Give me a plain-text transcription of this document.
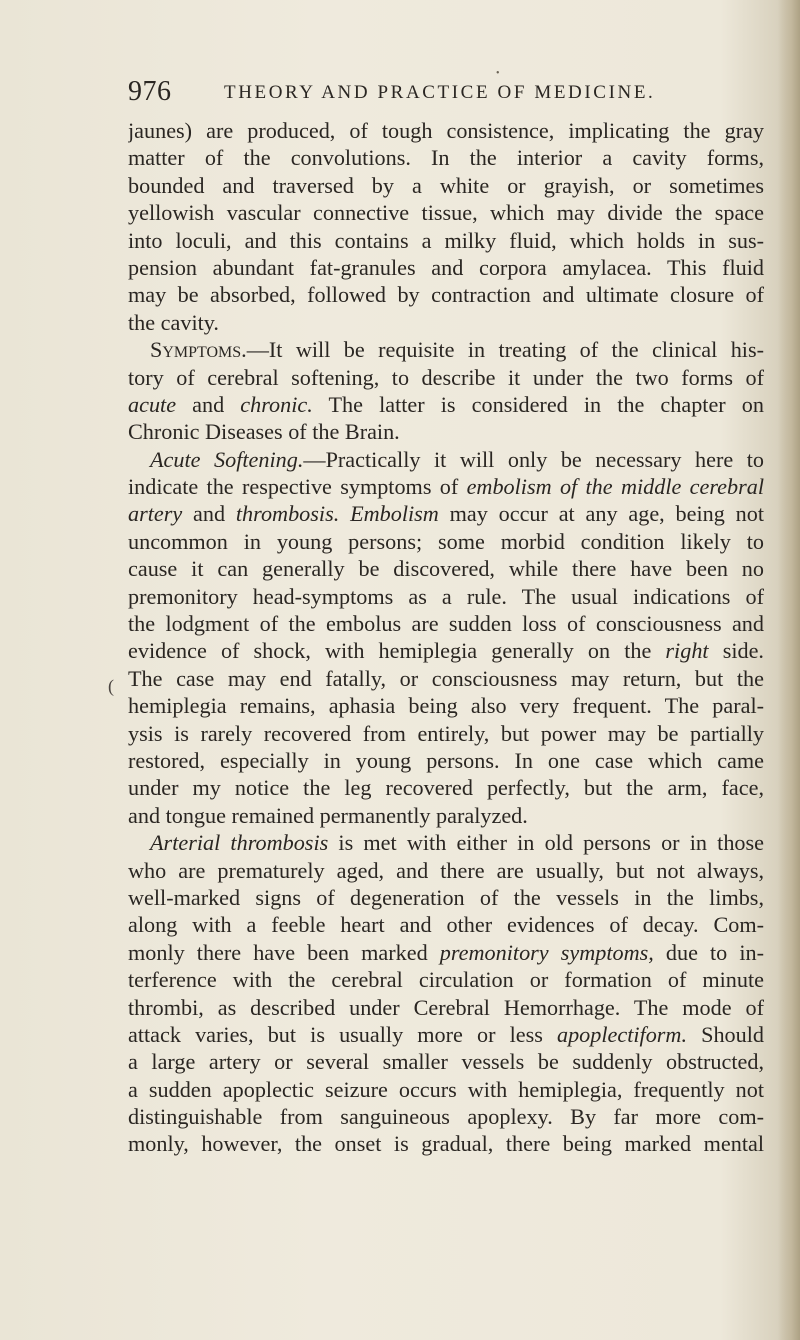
•
976	THEORY AND PRACTICE OF MEDICINE.
(
jaunes) are produced, of tough consistence, implicating the gray
matter of the convolutions. In the interior a cavity forms,
bounded and traversed by a white or grayish, or sometimes
yellowish vascular connective tissue, which may divide the space
into loculi, and this contains a milky fluid, which holds in sus-
pension abundant fat-granules and corpora amylacea. This fluid
may be absorbed, followed by contraction and ultimate closure of
the cavity.
Symptoms.—It will be requisite in treating of the clinical his-
tory of cerebral softening, to describe it under the two forms of
acute and chronic. The latter is considered in the chapter on
Chronic Diseases of the Brain.
Acute Softening.—Practically it will only be necessary here to
indicate the respective symptoms of embolism of the middle cerebral
artery and thrombosis. Embolism may occur at any age, being not
uncommon in young persons; some morbid condition likely to
cause it can generally be discovered, while there have been no
premonitory head-symptoms as a rule. The usual indications of
the lodgment of the embolus are sudden loss of consciousness and
evidence of shock, with hemiplegia generally on the right side.
The case may end fatally, or consciousness may return, but the
hemiplegia remains, aphasia being also very frequent. The paral-
ysis is rarely recovered from entirely, but power may be partially
restored, especially in young persons. In one case which came
under my notice the leg recovered perfectly, but the arm, face,
and tongue remained permanently paralyzed.
Arterial thrombosis is met with either in old persons or in those
who are prematurely aged, and there are usually, but not always,
well-marked signs of degeneration of the vessels in the limbs,
along with a feeble heart and other evidences of decay. Com-
monly there have been marked premonitory symptoms, due to in-
terference with the cerebral circulation or formation of minute
thrombi, as described under Cerebral Hemorrhage. The mode of
attack varies, but is usually more or less apoplectiform. Should
a large artery or several smaller vessels be suddenly obstructed,
a sudden apoplectic seizure occurs with hemiplegia, frequently not
distinguishable from sanguineous apoplexy. By far more com-
monly, however, the onset is gradual, there being marked mental
